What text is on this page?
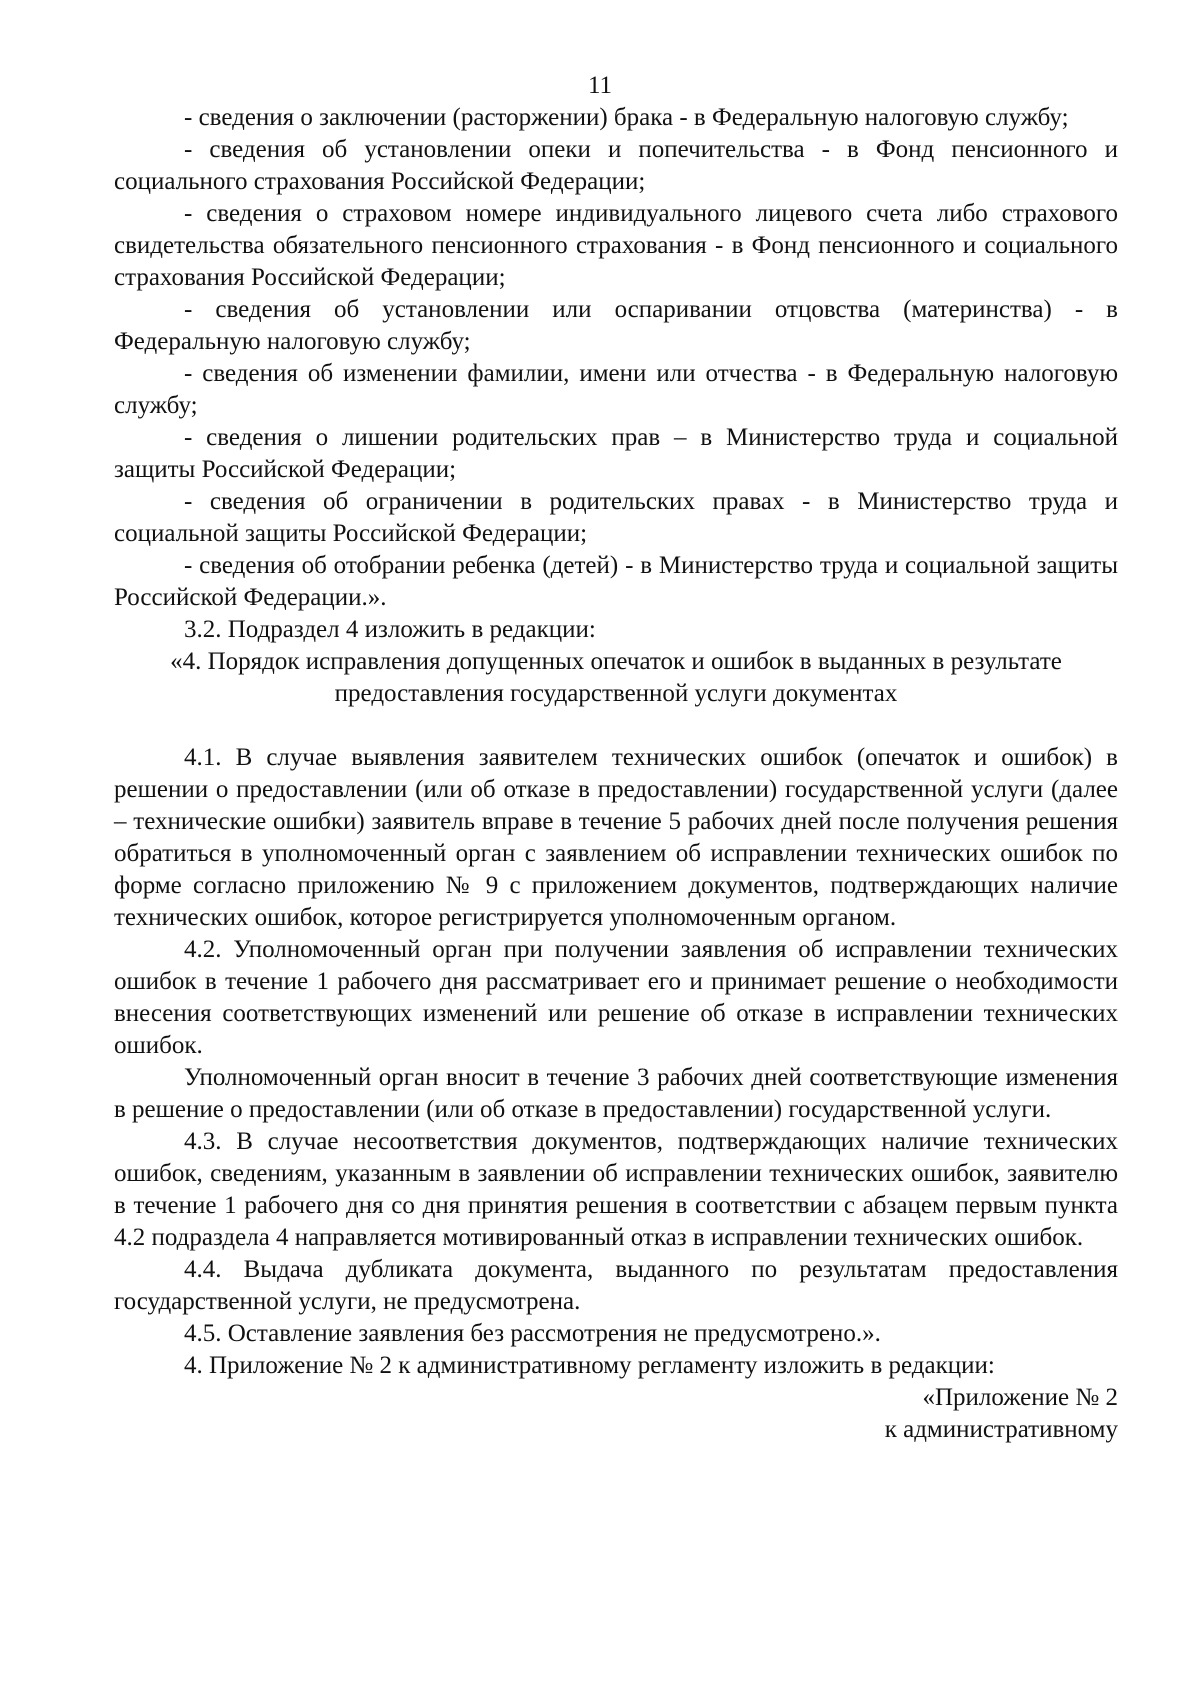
11

- сведения о заключении (расторжении) брака - в Федеральную налоговую службу;

- сведения об установлении опеки и попечительства - в Фонд пенсионного и социального страхования Российской Федерации;

- сведения о страховом номере индивидуального лицевого счета либо страхового свидетельства обязательного пенсионного страхования - в Фонд пенсионного и социального страхования Российской Федерации;

- сведения об установлении или оспаривании отцовства (материнства) - в Федеральную налоговую службу;

- сведения об изменении фамилии, имени или отчества - в Федеральную налоговую службу;

- сведения о лишении родительских прав – в Министерство труда и социальной защиты Российской Федерации;

- сведения об ограничении в родительских правах - в Министерство труда и социальной защиты Российской Федерации;

- сведения об отобрании ребенка (детей) - в Министерство труда и социальной защиты Российской Федерации.».

3.2. Подраздел 4 изложить в редакции:

«4. Порядок исправления допущенных опечаток и ошибок в выданных в результате предоставления государственной услуги документах

4.1. В случае выявления заявителем технических ошибок (опечаток и ошибок) в решении о предоставлении (или об отказе в предоставлении) государственной услуги (далее – технические ошибки) заявитель вправе в течение 5 рабочих дней после получения решения обратиться в уполномоченный орган с заявлением об исправлении технических ошибок по форме согласно приложению № 9 с приложением документов, подтверждающих наличие технических ошибок, которое регистрируется уполномоченным органом.

4.2. Уполномоченный орган при получении заявления об исправлении технических ошибок в течение 1 рабочего дня рассматривает его и принимает решение о необходимости внесения соответствующих изменений или решение об отказе в исправлении технических ошибок.

Уполномоченный орган вносит в течение 3 рабочих дней соответствующие изменения в решение о предоставлении (или об отказе в предоставлении) государственной услуги.

4.3. В случае несоответствия документов, подтверждающих наличие технических ошибок, сведениям, указанным в заявлении об исправлении технических ошибок, заявителю в течение 1 рабочего дня со дня принятия решения в соответствии с абзацем первым пункта 4.2 подраздела 4 направляется мотивированный отказ в исправлении технических ошибок.

4.4. Выдача дубликата документа, выданного по результатам предоставления государственной услуги, не предусмотрена.

4.5. Оставление заявления без рассмотрения не предусмотрено.».

4. Приложение № 2 к административному регламенту изложить в редакции:

«Приложение № 2

к административному
